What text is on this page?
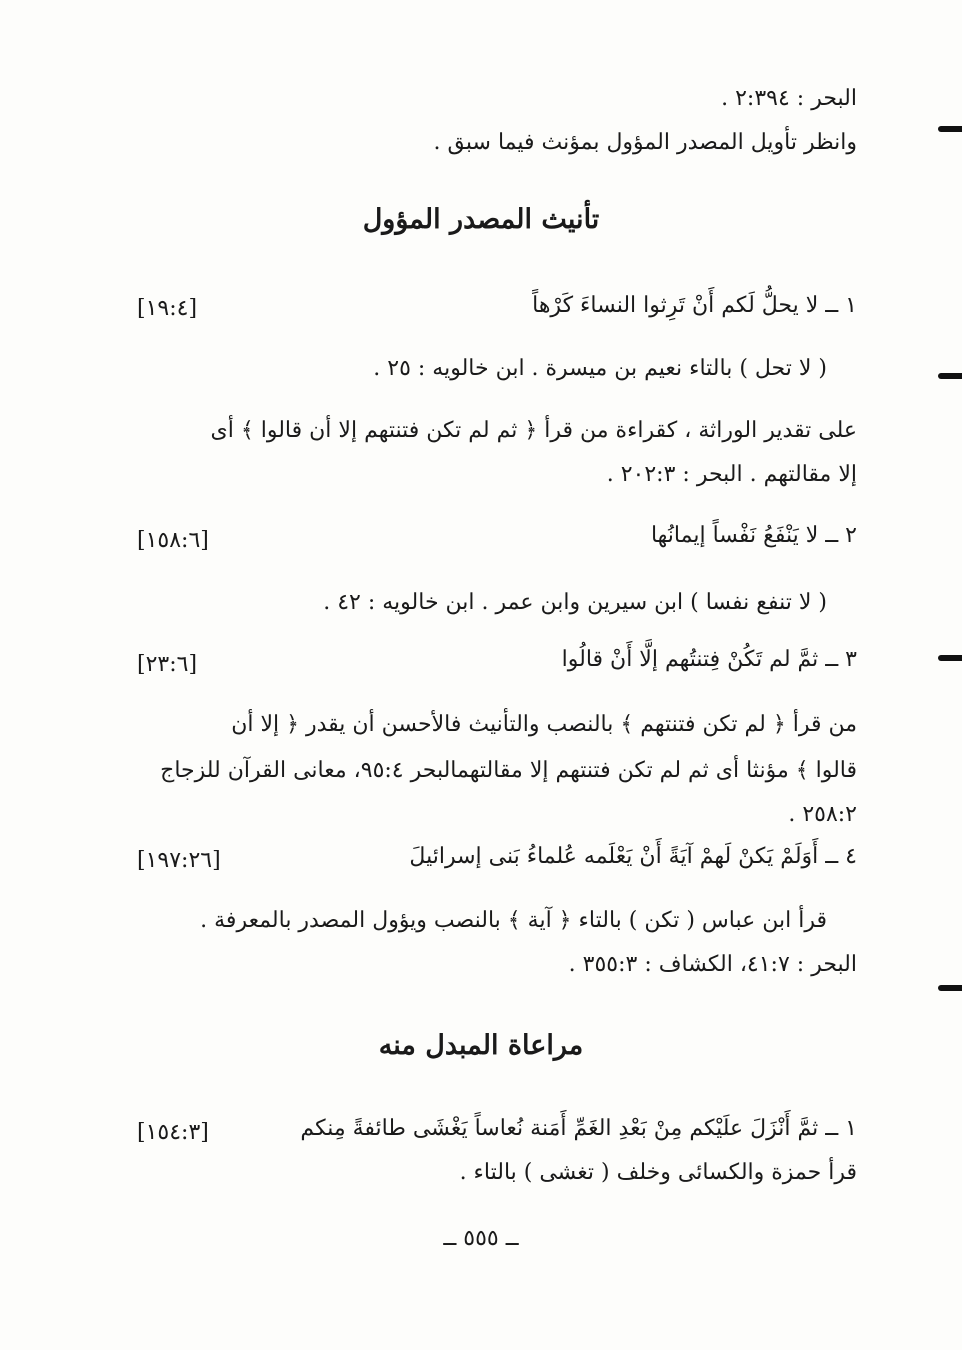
البحر : ٢:٣٩٤ .
وانظر تأويل المصدر المؤول بمؤنث فيما سبق .
تأنيث المصدر المؤول
١ ــ لا يحلُّ لَكم أَنْ تَرِثوا النساءَ كَرْهاً
[١٩:٤]
( لا تحل ) بالتاء نعيم بن ميسرة . ابن خالويه : ٢٥ .
على تقدير الوراثة ، كقراءة من قرأ ﴿ ثم لم تكن فتنتهم إلا أن قالوا ﴾ أى
إلا مقالتهم . البحر : ٢٠٢:٣ .
٢ ــ لا يَنْفَعُ نَفْساً إيمانُها
[١٥٨:٦]
( لا تنفع نفسا ) ابن سيرين وابن عمر . ابن خالويه : ٤٢ .
٣ ــ ثمَّ لم تَكُنْ فِتنتُهم إلَّا أَنْ قالُوا
[٢٣:٦]
من قرأ ﴿ لم تكن فتنتهم ﴾ بالنصب والتأنيث فالأحسن أن يقدر ﴿ إلا أن
قالوا ﴾ مؤنثا أى ثم لم تكن فتنتهم إلا مقالتهمالبحر ٩٥:٤، معانى القرآن للزجاج
٢٥٨:٢ .
٤ ــ أَوَلَمْ يَكنْ لَهمْ آيَةً أَنْ يَعْلَمه عُلماءُ بَنى إسرائيلَ
[١٩٧:٢٦]
قرأ ابن عباس ( تكن ) بالتاء ﴿ آية ﴾ بالنصب ويؤول المصدر بالمعرفة .
البحر : ٤١:٧، الكشاف : ٣٥٥:٣ .
مراعاة المبدل منه
١ ــ ثمَّ أَنْزَلَ علَيْكم مِنْ بَعْدِ الغَمِّ أَمَنة نُعاساً يَغْشَى طائفةً مِنكم
[١٥٤:٣]
قرأ حمزة والكسائى وخلف ( تغشى ) بالتاء .
ــ ٥٥٥ ــ
